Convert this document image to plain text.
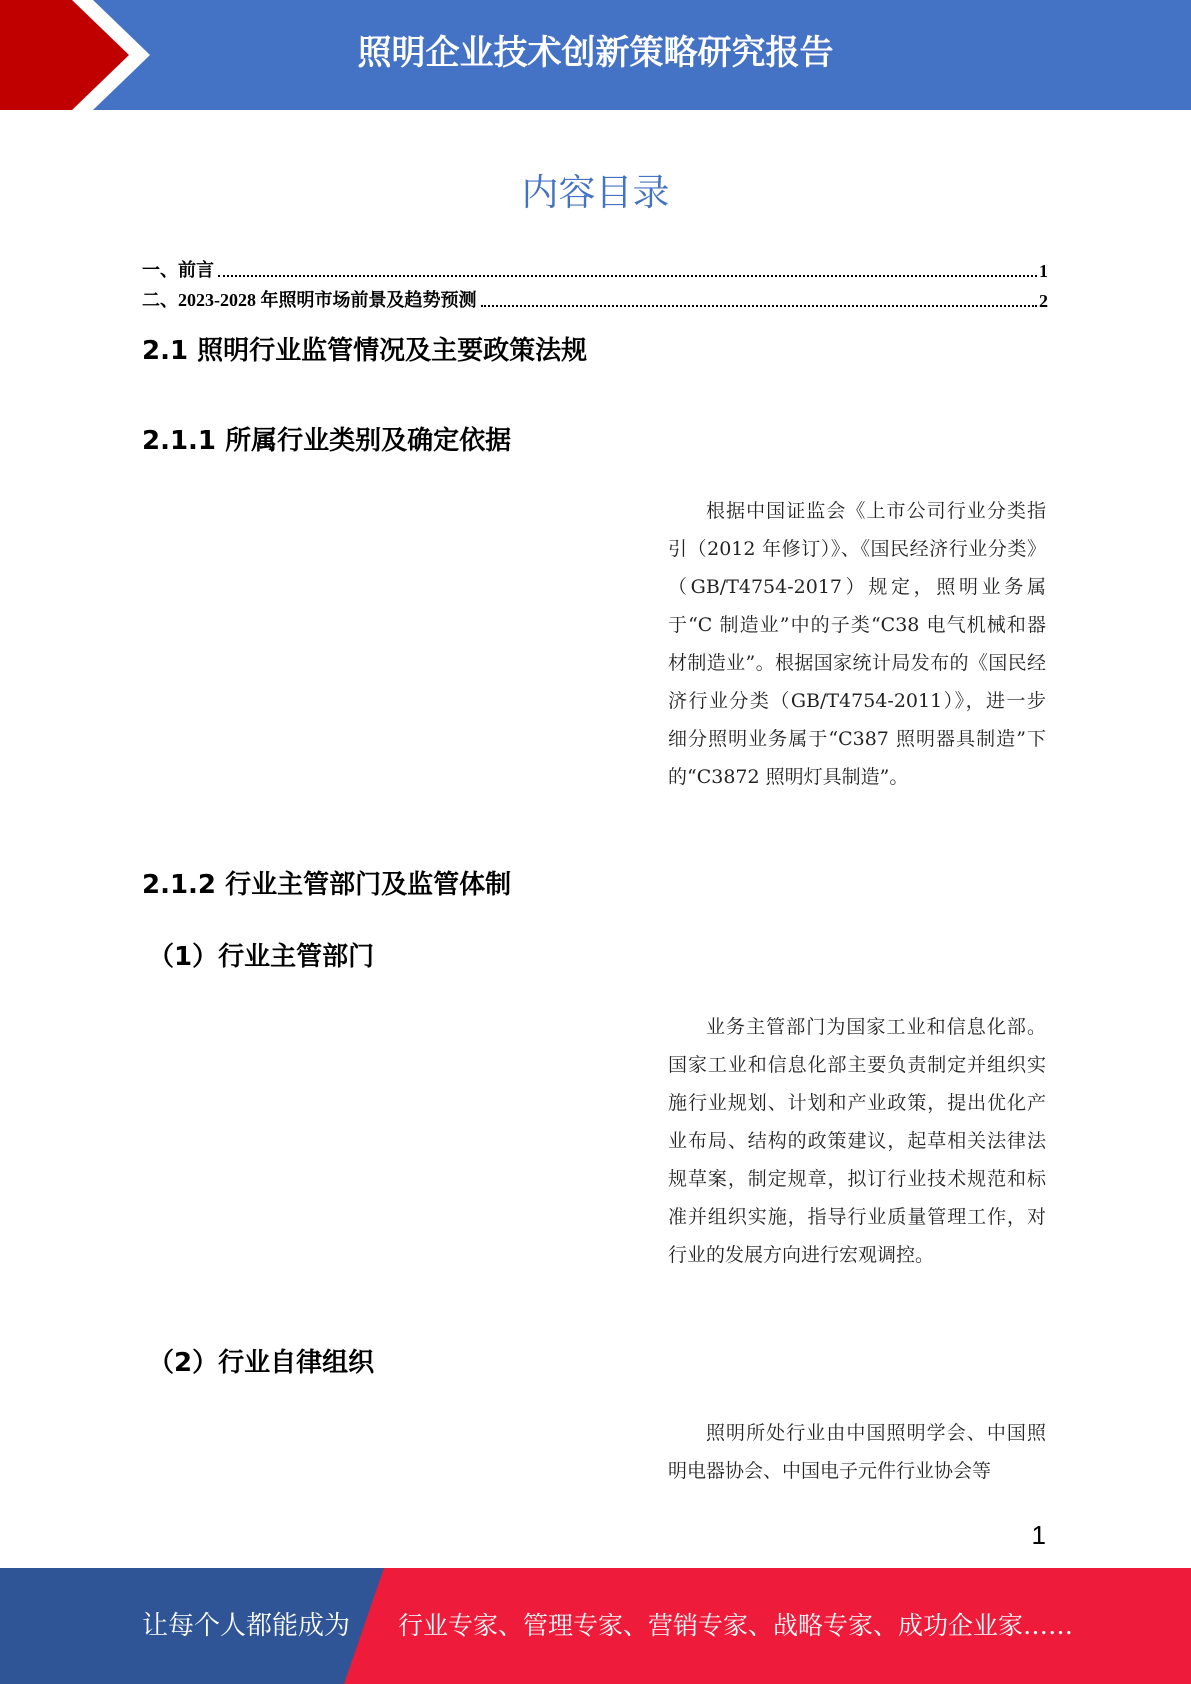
照明企业技术创新策略研究报告
内容目录
一、前言	1
二、2023-2028 年照明市场前景及趋势预测	2
2.1 照明行业监管情况及主要政策法规
2.1.1 所属行业类别及确定依据

根据中国证监会《上市公司行业分类指引（2012 年修订）》、《国民经济行业分类》（GB/T4754-2017）规定，照明业务属于“C 制造业”中的子类“C38 电气机械和器材制造业”。根据国家统计局发布的《国民经济行业分类（GB/T4754-2011）》，进一步细分照明业务属于“C387 照明器具制造”下的“C3872 照明灯具制造”。

2.1.2 行业主管部门及监管体制
（1）行业主管部门

业务主管部门为国家工业和信息化部。国家工业和信息化部主要负责制定并组织实施行业规划、计划和产业政策，提出优化产业布局、结构的政策建议，起草相关法律法规草案，制定规章，拟订行业技术规范和标准并组织实施，指导行业质量管理工作，对行业的发展方向进行宏观调控。

（2）行业自律组织

照明所处行业由中国照明学会、中国照明电器协会、中国电子元件行业协会等

1
让每个人都能成为 行业专家、管理专家、营销专家、战略专家、成功企业家……
